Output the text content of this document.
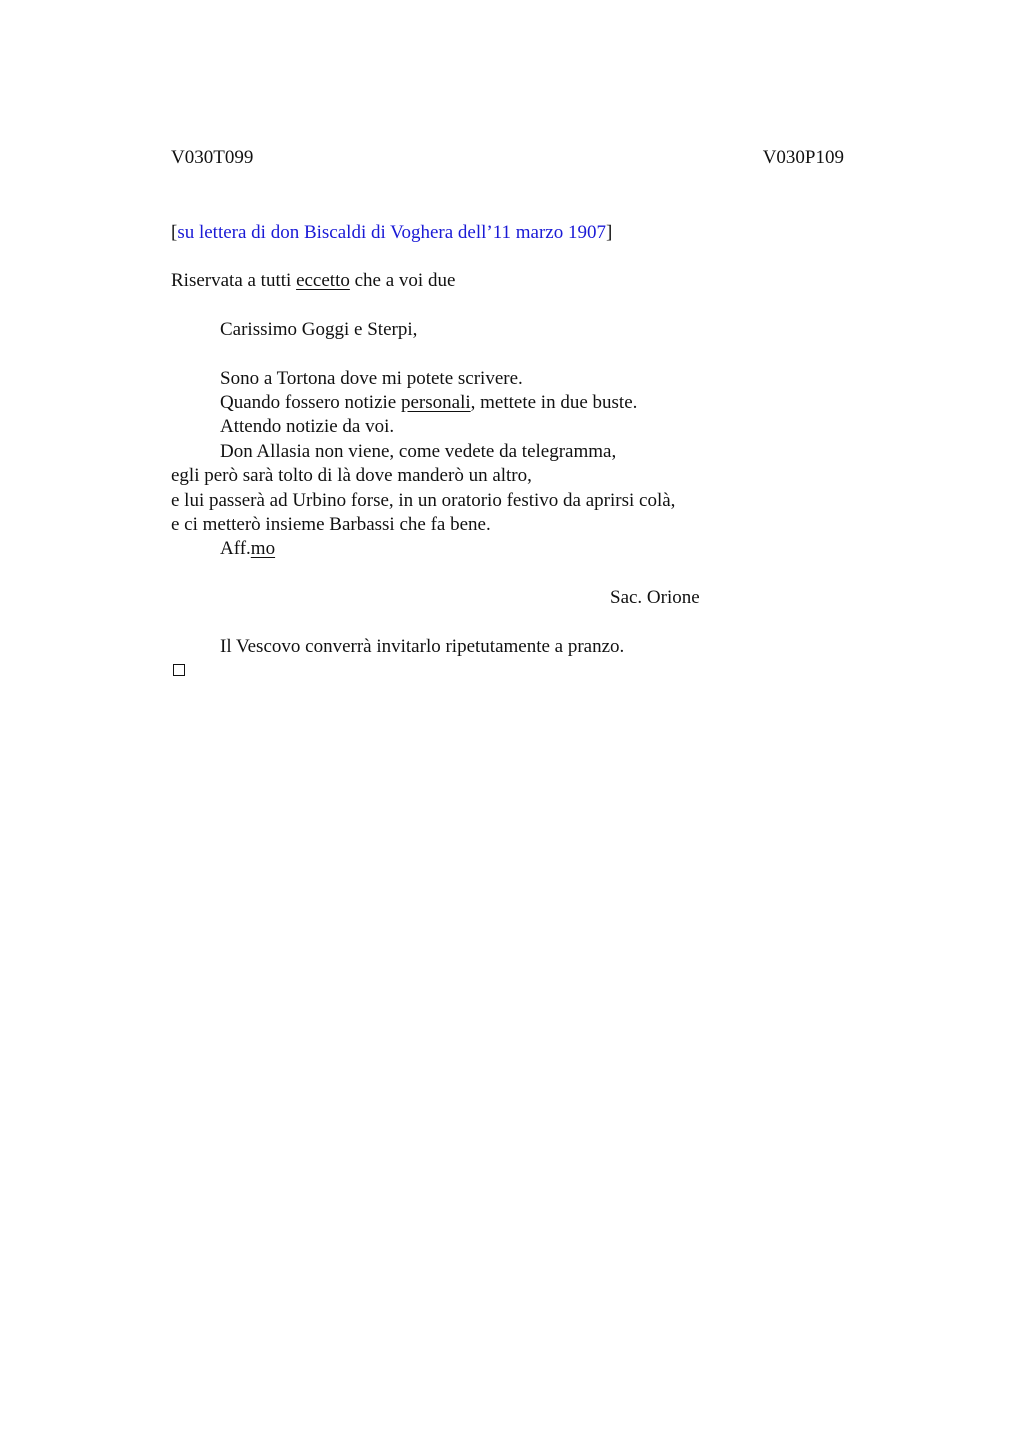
V030T099	V030P109
[su lettera di don Biscaldi di Voghera dell’11 marzo 1907]
Riservata a tutti eccetto che a voi due
Carissimo Goggi e Sterpi,
Sono a Tortona dove mi potete scrivere.
Quando fossero notizie personali, mettete in due buste.
Attendo notizie da voi.
Don Allasia non viene, come vedete da telegramma,
egli però sarà tolto di là dove manderò un altro,
e lui passerà ad Urbino forse, in un oratorio festivo da aprirsi colà,
e ci metterò insieme Barbassi che fa bene.
Aff.mo
Sac. Orione
Il Vescovo converrà invitarlo ripetutamente a pranzo.
